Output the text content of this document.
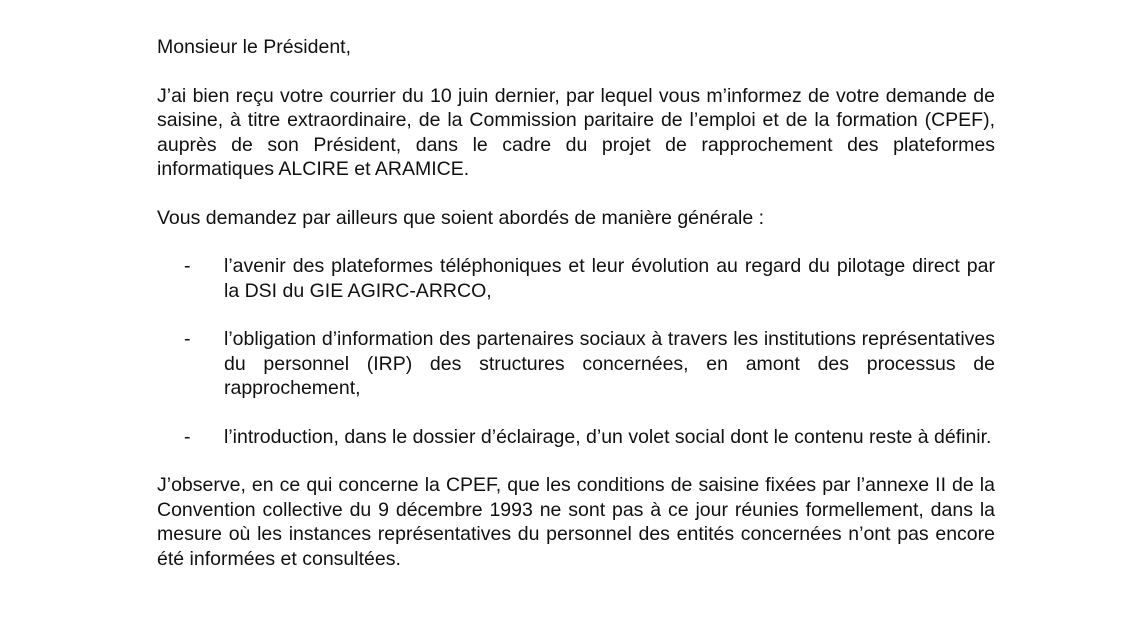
Monsieur le Président,

J’ai bien reçu votre courrier du 10 juin dernier, par lequel vous m’informez de votre demande de saisine, à titre extraordinaire, de la Commission paritaire de l’emploi et de la formation (CPEF), auprès de son Président, dans le cadre du projet de rapprochement des plateformes informatiques ALCIRE et ARAMICE.

Vous demandez par ailleurs que soient abordés de manière générale :

- l’avenir des plateformes téléphoniques et leur évolution au regard du pilotage direct par la DSI du GIE AGIRC-ARRCO,
- l’obligation d’information des partenaires sociaux à travers les institutions représentatives du personnel (IRP) des structures concernées, en amont des processus de rapprochement,
- l’introduction, dans le dossier d’éclairage, d’un volet social dont le contenu reste à définir.

J’observe, en ce qui concerne la CPEF, que les conditions de saisine fixées par l’annexe II de la Convention collective du 9 décembre 1993 ne sont pas à ce jour réunies formellement, dans la mesure où les instances représentatives du personnel des entités concernées n’ont pas encore été informées et consultées.
